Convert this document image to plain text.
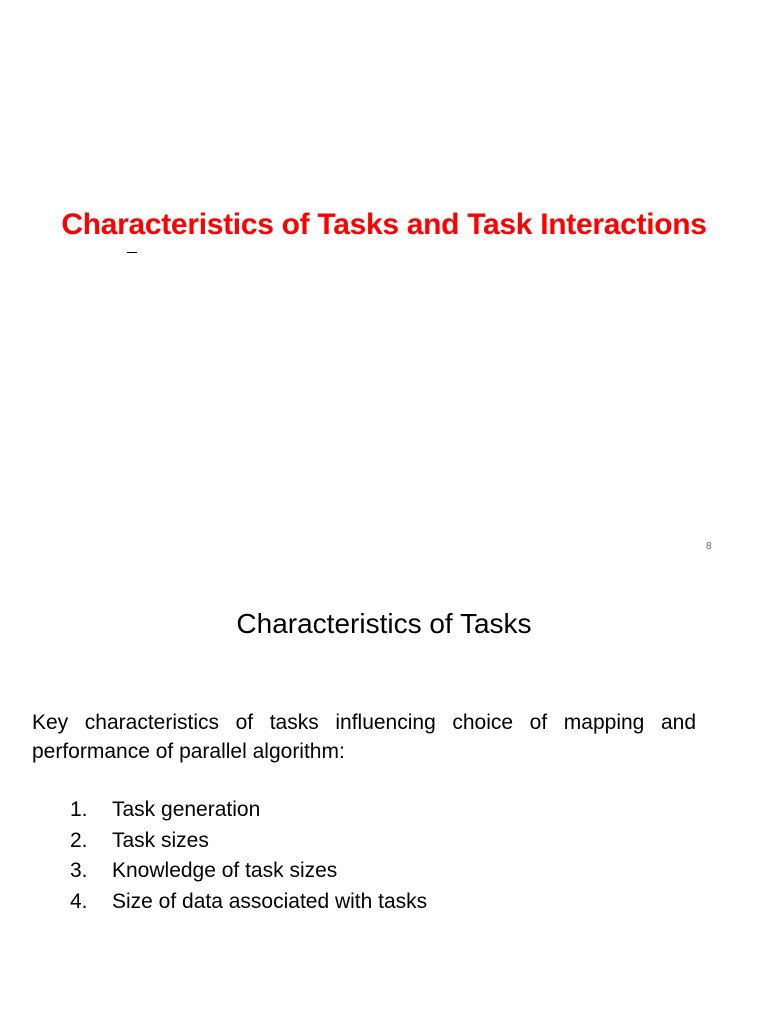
Characteristics of Tasks and Task Interactions
8
Characteristics of Tasks
Key characteristics of tasks influencing choice of mapping and performance of parallel algorithm:
1. Task generation
2. Task sizes
3. Knowledge of task sizes
4. Size of data associated with tasks
